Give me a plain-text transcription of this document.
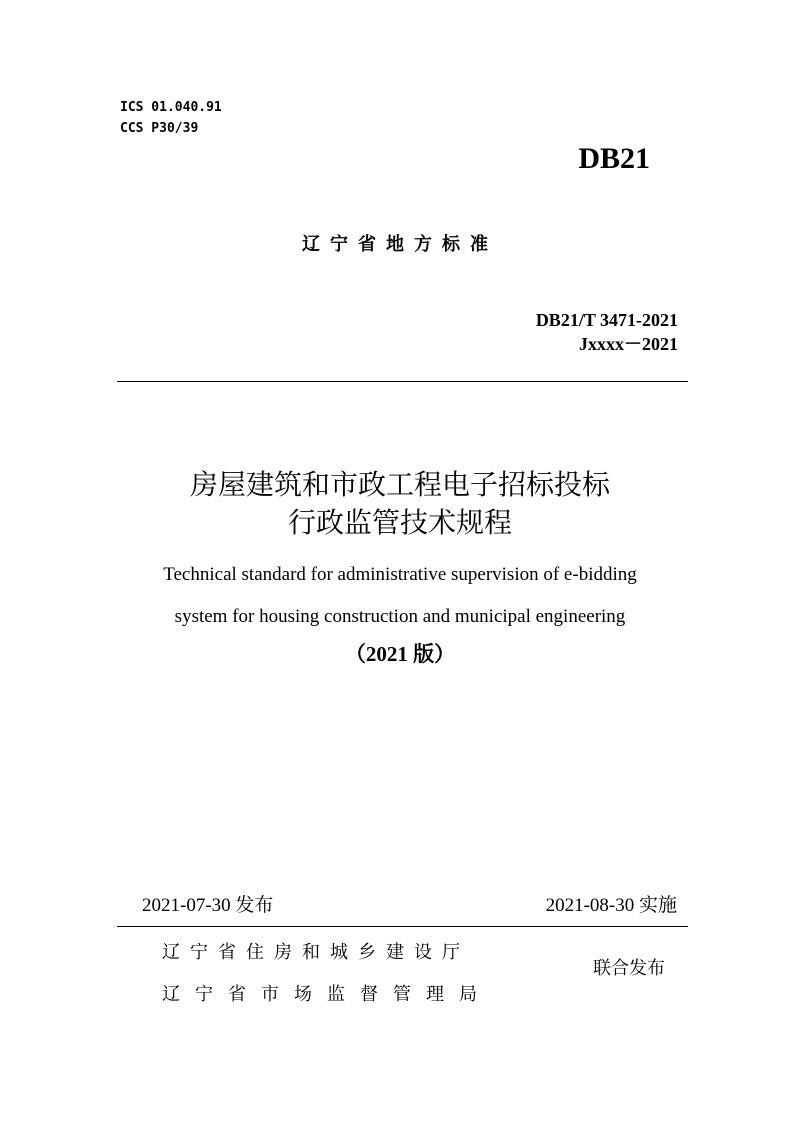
ICS 01.040.91
CCS P30/39
DB21
辽宁省地方标准
DB21/T 3471-2021
Jxxxx－2021
房屋建筑和市政工程电子招标投标
行政监管技术规程
Technical standard for administrative supervision of e-bidding
system for housing construction and municipal engineering
（2021 版）
2021-07-30 发布	2021-08-30 实施
辽宁省住房和城乡建设厅
辽宁省市场监督管理局
联合发布
